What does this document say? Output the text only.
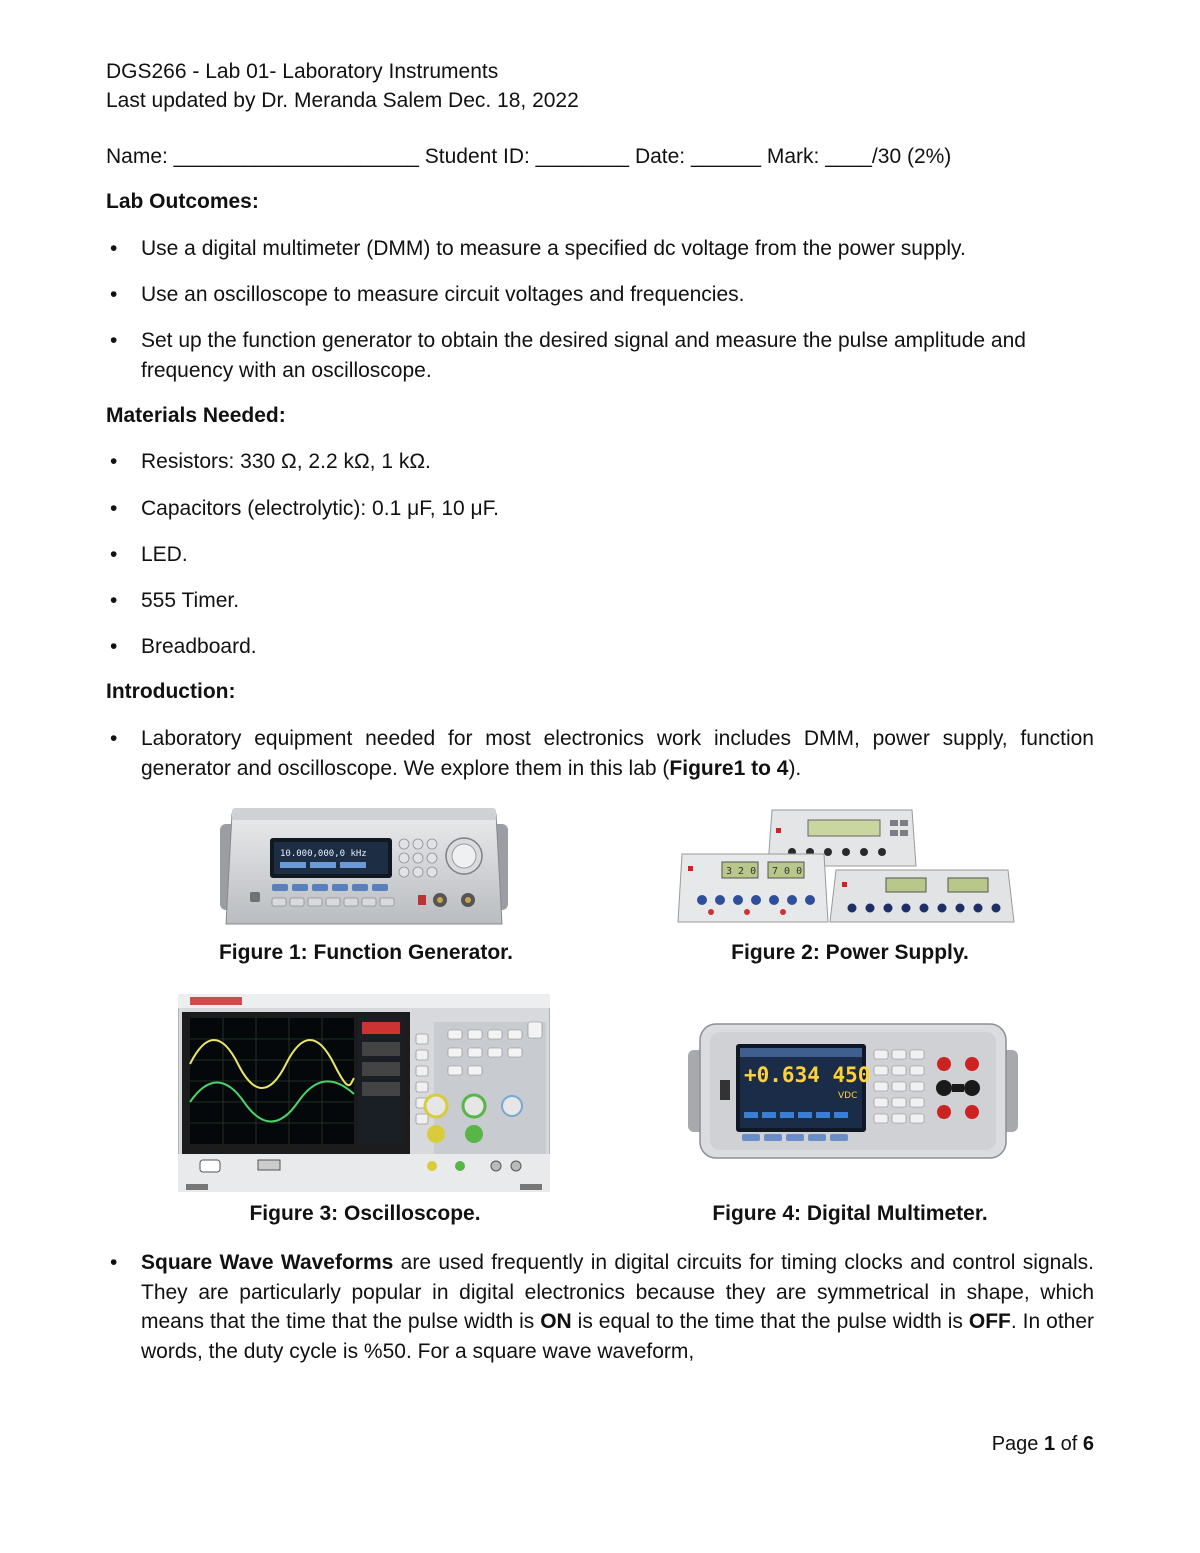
DGS266 - Lab 01- Laboratory Instruments
Last updated by Dr. Meranda Salem Dec. 18, 2022
Name: _____________________ Student ID: ________ Date: ______ Mark: ____/30 (2%)
Lab Outcomes:
• Use a digital multimeter (DMM) to measure a specified dc voltage from the power supply.
• Use an oscilloscope to measure circuit voltages and frequencies.
• Set up the function generator to obtain the desired signal and measure the pulse amplitude and frequency with an oscilloscope.
Materials Needed:
• Resistors: 330 Ω, 2.2 kΩ, 1 kΩ.
• Capacitors (electrolytic): 0.1 μF, 10 μF.
• LED.
• 555 Timer.
• Breadboard.
Introduction:
• Laboratory equipment needed for most electronics work includes DMM, power supply, function generator and oscilloscope. We explore them in this lab (Figure1 to 4).
10.000,000,0 kHz
3 2 0 7 0 0
Figure 1: Function Generator.	Figure 2: Power Supply.
+0.634 450
VDC
Figure 3: Oscilloscope.	Figure 4: Digital Multimeter.
• Square Wave Waveforms are used frequently in digital circuits for timing clocks and control signals. They are particularly popular in digital electronics because they are symmetrical in shape, which means that the time that the pulse width is ON is equal to the time that the pulse width is OFF. In other words, the duty cycle is %50. For a square wave waveform,
Page 1 of 6
